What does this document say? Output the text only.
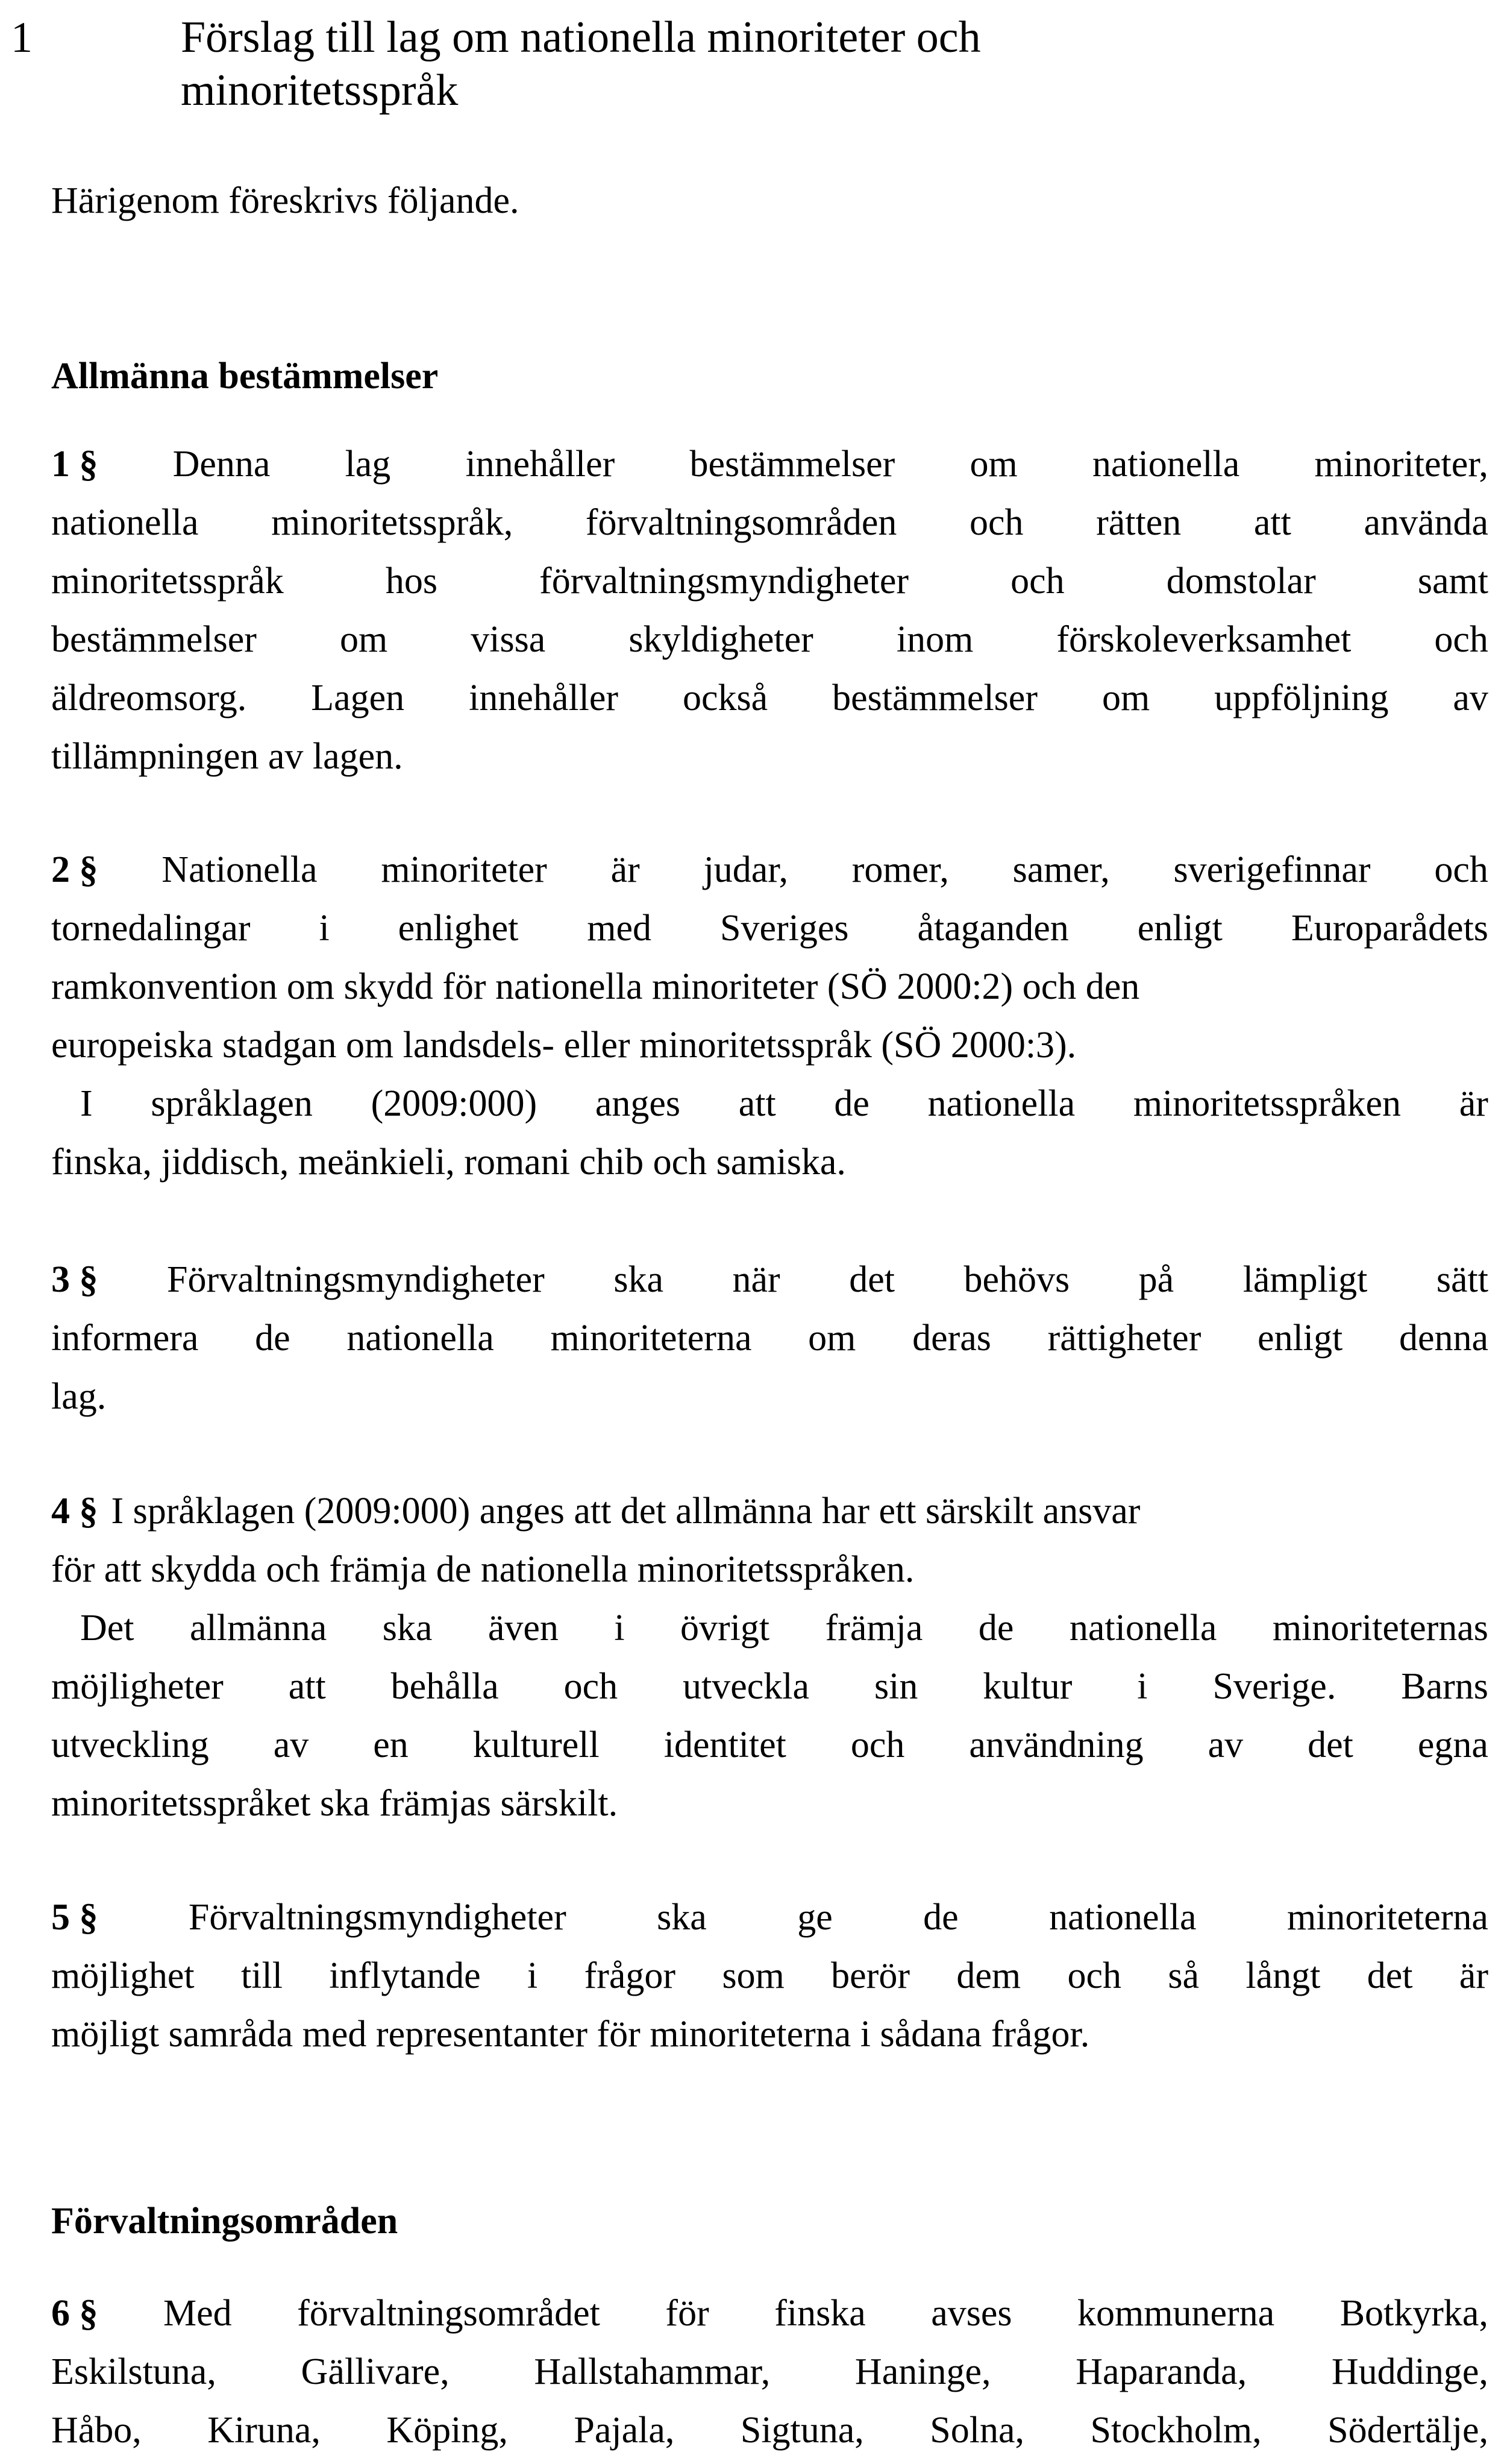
1	Förslag till lag om nationella minoriteter och
minoritetsspråk
Härigenom föreskrivs följande.
Allmänna bestämmelser
1 § Denna lag innehåller bestämmelser om nationella minoriteter,
nationella minoritetsspråk, förvaltningsområden och rätten att använda
minoritetsspråk	hos	förvaltningsmyndigheter	och	domstolar	samt
bestämmelser om vissa skyldigheter inom förskoleverksamhet och
äldreomsorg. Lagen innehåller också bestämmelser om uppföljning av
tillämpningen av lagen.
2 § Nationella minoriteter är judar, romer, samer, sverigefinnar och
tornedalingar i enlighet med Sveriges åtaganden enligt Europarådets
ramkonvention om skydd för nationella minoriteter (SÖ 2000:2) och den
europeiska stadgan om landsdels- eller minoritetsspråk (SÖ 2000:3).
I språklagen (2009:000) anges att de nationella minoritetsspråken är
finska, jiddisch, meänkieli, romani chib och samiska.
3 § Förvaltningsmyndigheter ska när det behövs på lämpligt sätt
informera de nationella minoriteterna om deras rättigheter enligt denna
lag.
4 § I språklagen (2009:000) anges att det allmänna har ett särskilt ansvar
för att skydda och främja de nationella minoritetsspråken.
Det allmänna ska även i övrigt främja de nationella minoriteternas
möjligheter att behålla och utveckla sin kultur i Sverige. Barns
utveckling av en kulturell identitet och användning av det egna
minoritetsspråket ska främjas särskilt.
5 § Förvaltningsmyndigheter ska ge de nationella minoriteterna
möjlighet till inflytande i frågor som berör dem och så långt det är
möjligt samråda med representanter för minoriteterna i sådana frågor.
Förvaltningsområden
6 § Med förvaltningsområdet för finska avses kommunerna Botkyrka,
Eskilstuna, Gällivare, Hallstahammar, Haninge, Haparanda, Huddinge,
Håbo, Kiruna, Köping, Pajala, Sigtuna, Solna, Stockholm, Södertälje,
